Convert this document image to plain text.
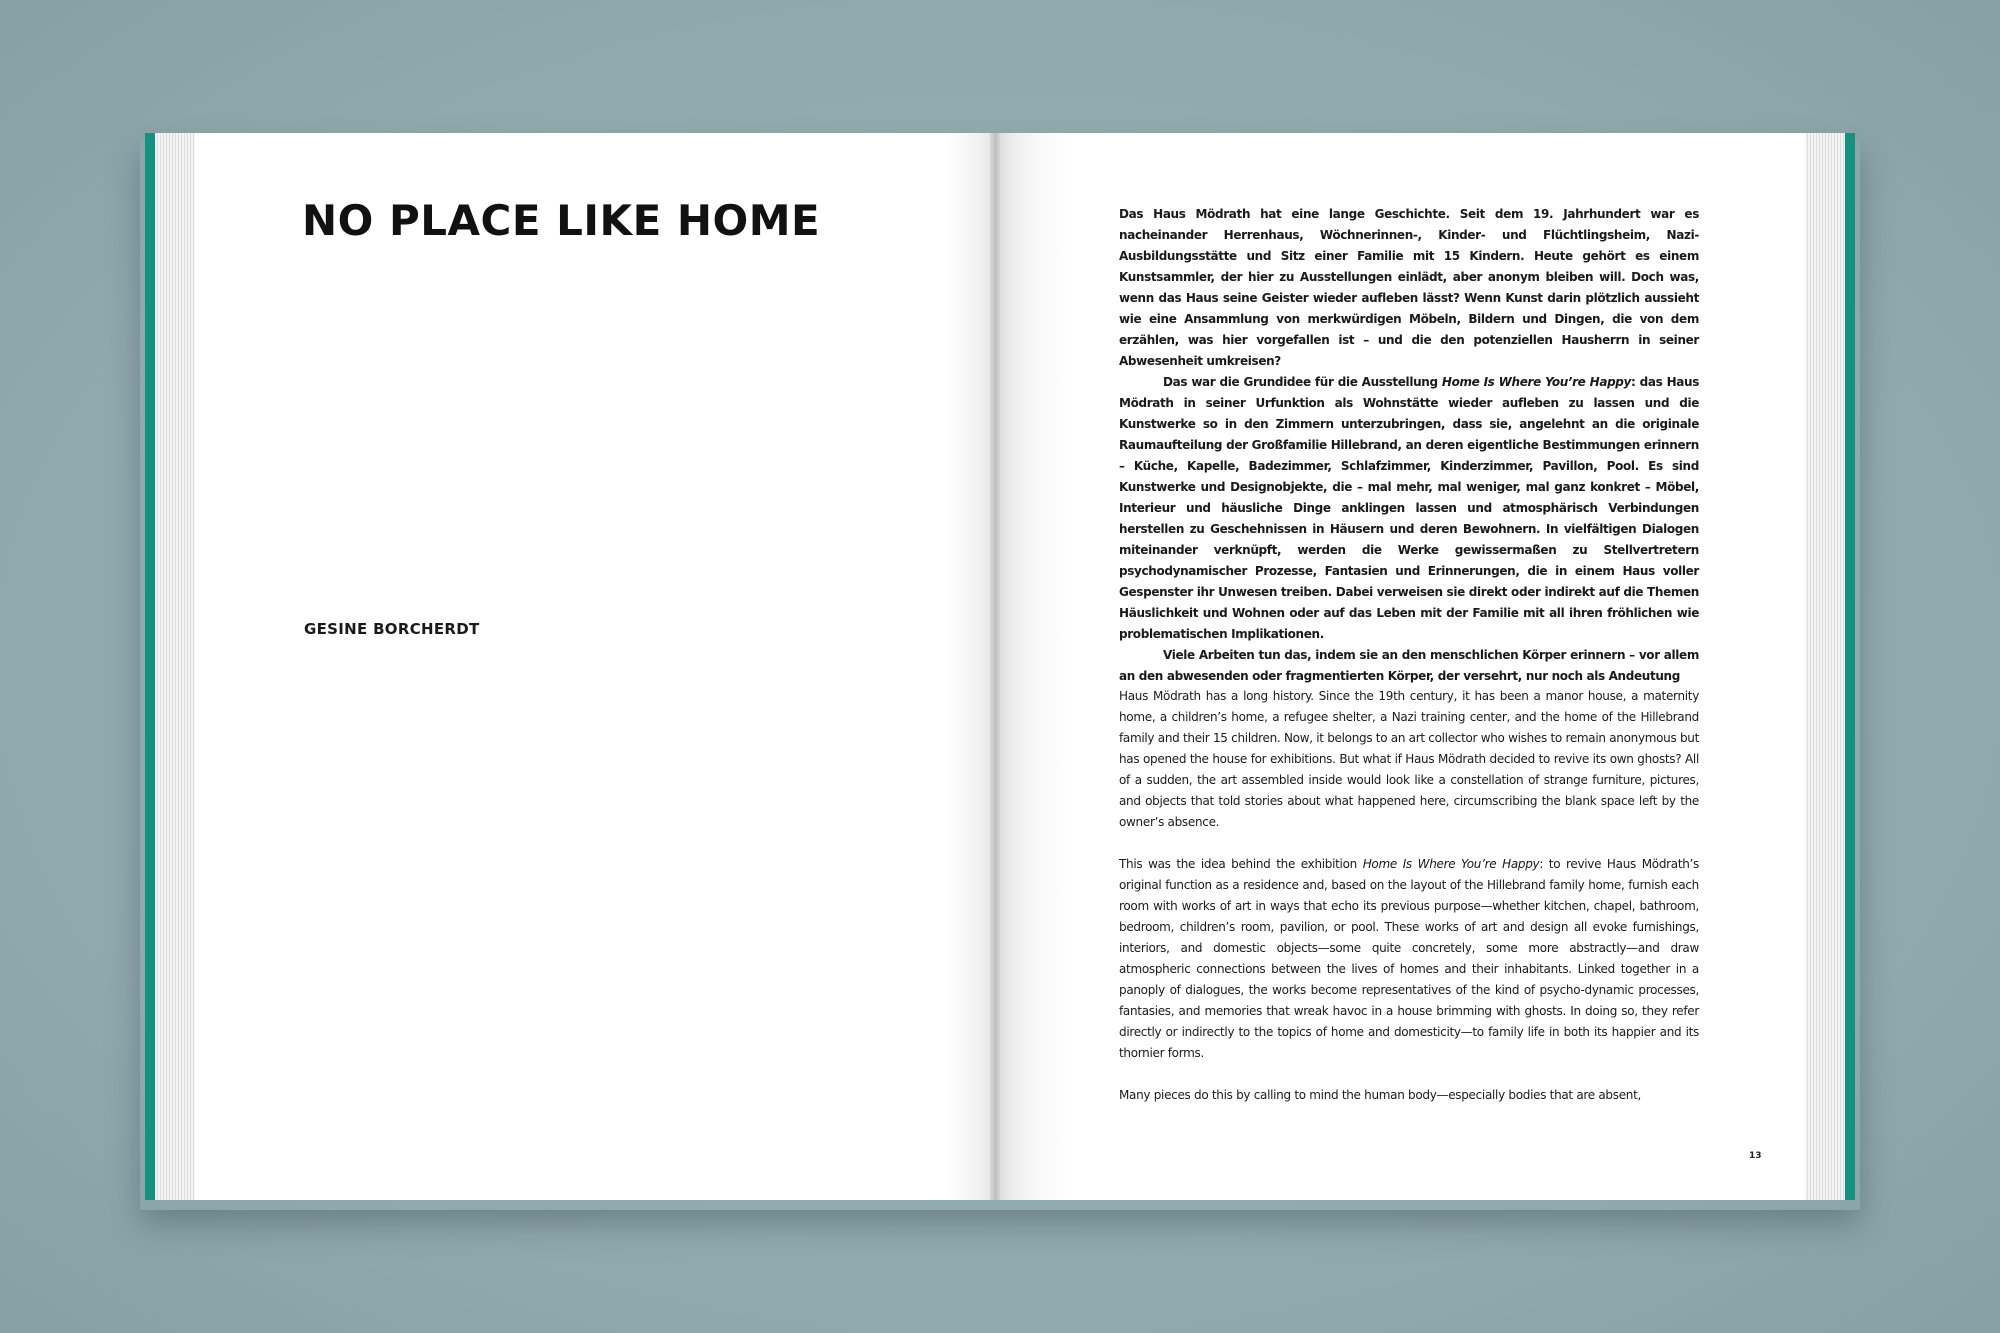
NO PLACE LIKE HOME

GESINE BORCHERDT

Das Haus Mödrath hat eine lange Geschichte. Seit dem 19. Jahrhundert war es nacheinander Herrenhaus, Wöchnerinnen-, Kinder- und Flüchtlingsheim, Nazi-Ausbildungsstätte und Sitz einer Familie mit 15 Kindern. Heute gehört es einem Kunstsammler, der hier zu Ausstellungen einlädt, aber anonym bleiben will. Doch was, wenn das Haus seine Geister wieder aufleben lässt? Wenn Kunst darin plötzlich aussieht wie eine Ansammlung von merkwürdigen Möbeln, Bildern und Dingen, die von dem erzählen, was hier vorgefallen ist – und die den potenziellen Hausherrn in seiner Abwesenheit umkreisen?

Das war die Grundidee für die Ausstellung Home Is Where You’re Happy: das Haus Mödrath in seiner Urfunktion als Wohnstätte wieder aufleben zu lassen und die Kunstwerke so in den Zimmern unterzubringen, dass sie, angelehnt an die originale Raumaufteilung der Großfamilie Hillebrand, an deren eigentliche Bestimmungen erinnern – Küche, Kapelle, Badezimmer, Schlafzimmer, Kinderzimmer, Pavillon, Pool. Es sind Kunstwerke und Designobjekte, die – mal mehr, mal weniger, mal ganz konkret – Möbel, Interieur und häusliche Dinge anklingen lassen und atmosphärisch Verbindungen herstellen zu Geschehnissen in Häusern und deren Bewohnern. In vielfältigen Dialogen miteinander verknüpft, werden die Werke gewissermaßen zu Stellvertretern psychodynamischer Prozesse, Fantasien und Erinnerungen, die in einem Haus voller Gespenster ihr Unwesen treiben. Dabei verweisen sie direkt oder indirekt auf die Themen Häuslichkeit und Wohnen oder auf das Leben mit der Familie mit all ihren fröhlichen wie problematischen Implikationen.

Viele Arbeiten tun das, indem sie an den menschlichen Körper erinnern – vor allem an den abwesenden oder fragmentierten Körper, der versehrt, nur noch als Andeutung

Haus Mödrath has a long history. Since the 19th century, it has been a manor house, a maternity home, a children’s home, a refugee shelter, a Nazi training center, and the home of the Hillebrand family and their 15 children. Now, it belongs to an art collector who wishes to remain anonymous but has opened the house for exhibitions. But what if Haus Mödrath decided to revive its own ghosts? All of a sudden, the art assembled inside would look like a constellation of strange furniture, pictures, and objects that told stories about what happened here, circumscribing the blank space left by the owner’s absence.

This was the idea behind the exhibition Home Is Where You’re Happy: to revive Haus Mödrath’s original function as a residence and, based on the layout of the Hillebrand family home, furnish each room with works of art in ways that echo its previous purpose—whether kitchen, chapel, bathroom, bedroom, children’s room, pavilion, or pool. These works of art and design all evoke furnishings, interiors, and domestic objects—some quite concretely, some more abstractly—and draw atmospheric connections between the lives of homes and their inhabitants. Linked together in a panoply of dialogues, the works become representatives of the kind of psycho-dynamic processes, fantasies, and memories that wreak havoc in a house brimming with ghosts. In doing so, they refer directly or indirectly to the topics of home and domesticity—to family life in both its happier and its thornier forms.

Many pieces do this by calling to mind the human body—especially bodies that are absent,

13
